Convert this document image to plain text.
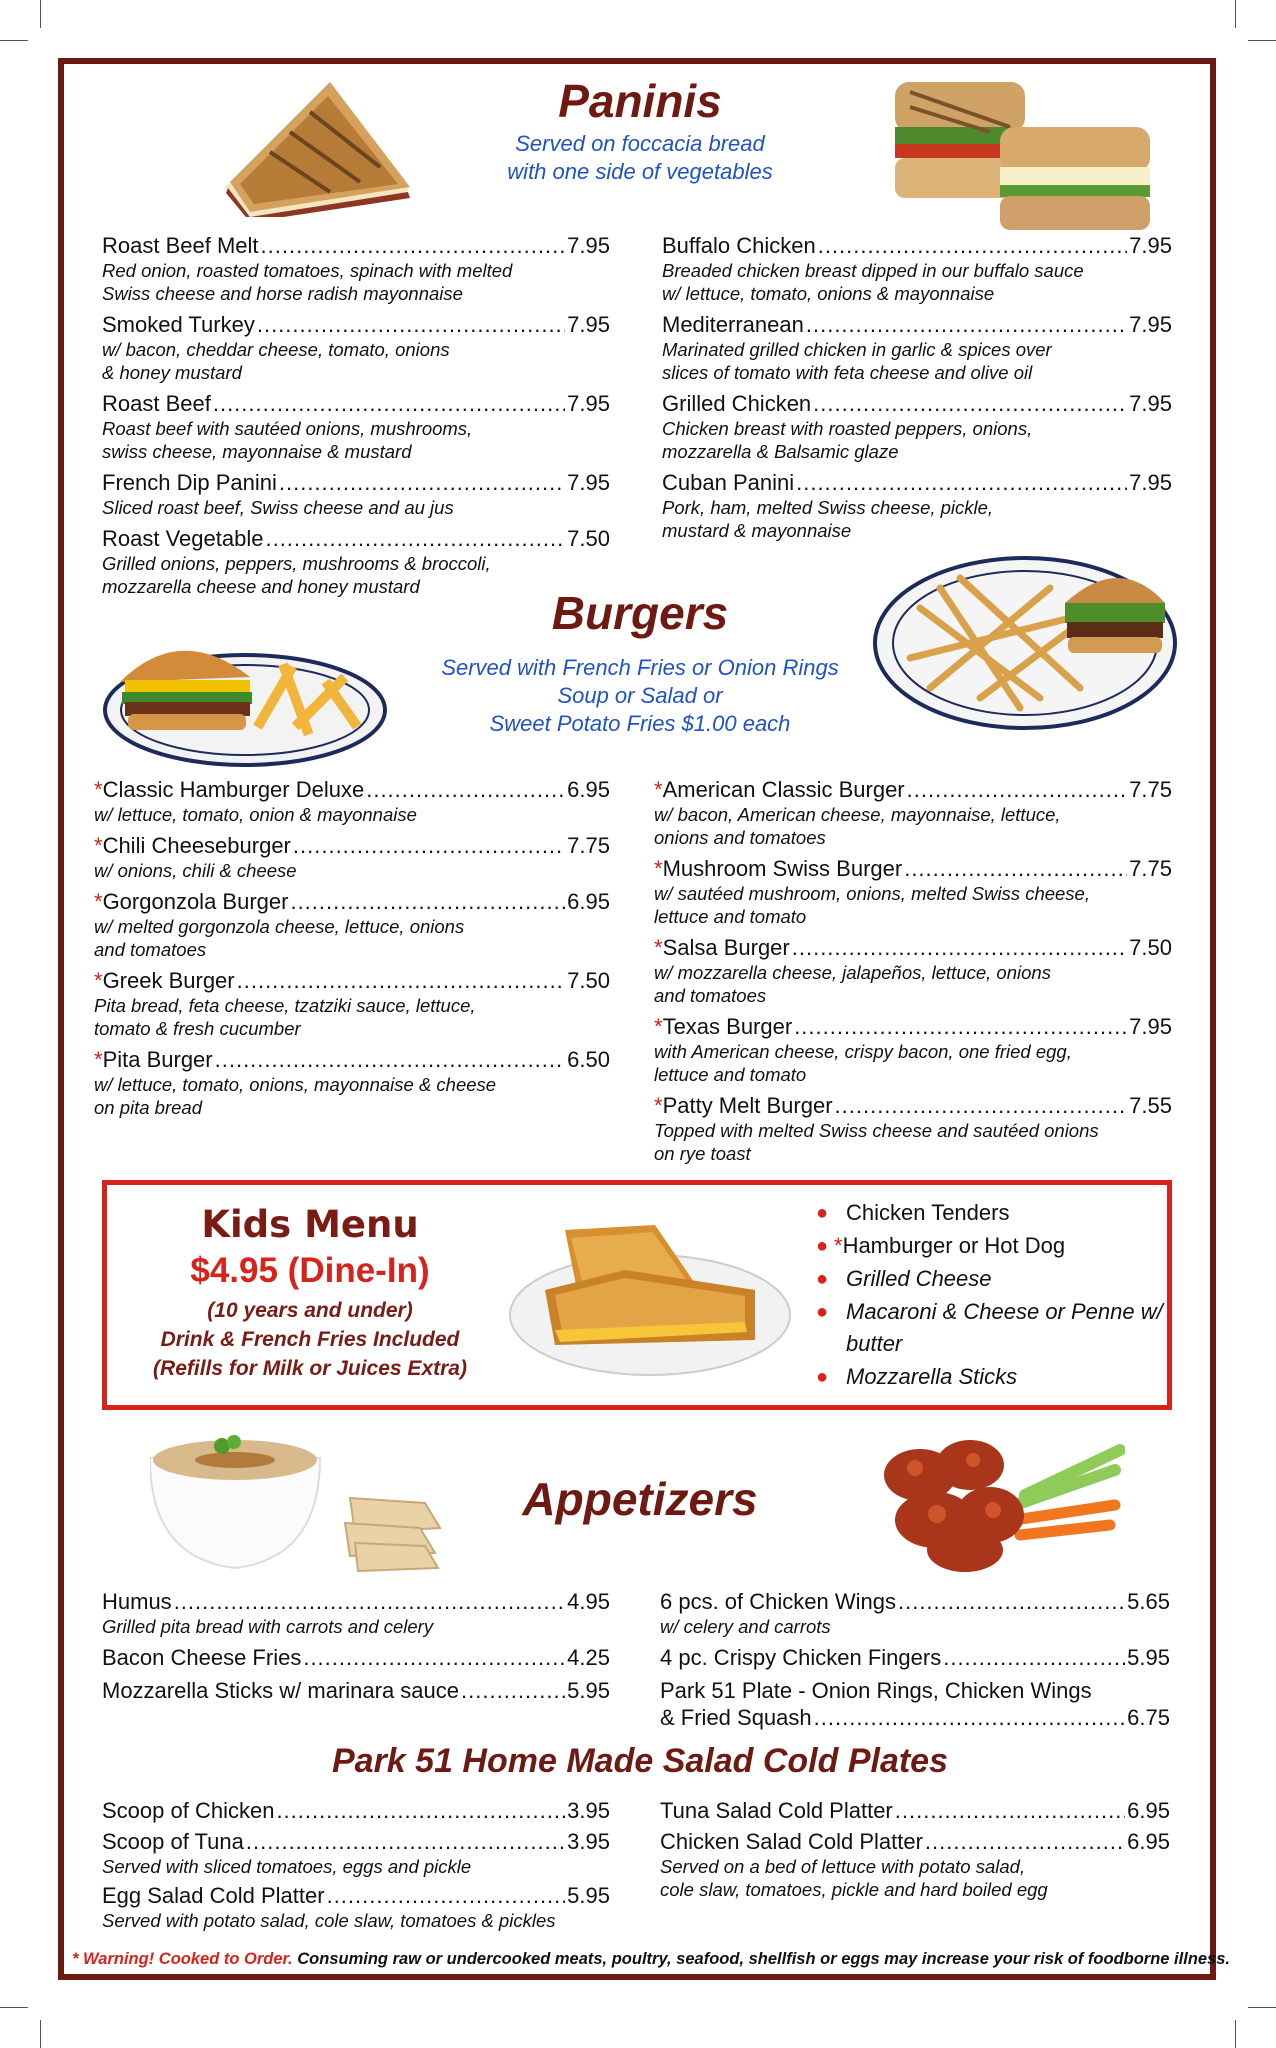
Paninis
Served on foccacia bread
with one side of vegetables
Roast Beef Melt .....	7.95
Red onion, roasted tomatoes, spinach with melted
Swiss cheese and horse radish mayonnaise
Smoked Turkey .....	7.95
w/ bacon, cheddar cheese, tomato, onions
& honey mustard
Roast Beef .....	7.95
Roast beef with sautéed onions, mushrooms,
swiss cheese, mayonnaise & mustard
French Dip Panini .....	7.95
Sliced roast beef, Swiss cheese and au jus
Roast Vegetable .....	7.50
Grilled onions, peppers, mushrooms & broccoli,
mozzarella cheese and honey mustard
Buffalo Chicken .....	7.95
Breaded chicken breast dipped in our buffalo sauce
w/ lettuce, tomato, onions & mayonnaise
Mediterranean .....	7.95
Marinated grilled chicken in garlic & spices over
slices of tomato with feta cheese and olive oil
Grilled Chicken .....	7.95
Chicken breast with roasted peppers, onions,
mozzarella & Balsamic glaze
Cuban Panini .....	7.95
Pork, ham, melted Swiss cheese, pickle,
mustard & mayonnaise
Burgers
Served with French Fries or Onion Rings
Soup or Salad or
Sweet Potato Fries $1.00 each
*Classic Hamburger Deluxe .....	6.95
w/ lettuce, tomato, onion & mayonnaise
*Chili Cheeseburger .....	7.75
w/ onions, chili & cheese
*Gorgonzola Burger .....	6.95
w/ melted gorgonzola cheese, lettuce, onions
and tomatoes
*Greek Burger .....	7.50
Pita bread, feta cheese, tzatziki sauce, lettuce,
tomato & fresh cucumber
*Pita Burger .....	6.50
w/ lettuce, tomato, onions, mayonnaise & cheese
on pita bread
*American Classic Burger .....	7.75
w/ bacon, American cheese, mayonnaise, lettuce,
onions and tomatoes
*Mushroom Swiss Burger .....	7.75
w/ sautéed mushroom, onions, melted Swiss cheese,
lettuce and tomato
*Salsa Burger .....	7.50
w/ mozzarella cheese, jalapeños, lettuce, onions
and tomatoes
*Texas Burger .....	7.95
with American cheese, crispy bacon, one fried egg,
lettuce and tomato
*Patty Melt Burger .....	7.55
Topped with melted Swiss cheese and sautéed onions
on rye toast
Kids Menu
$4.95 (Dine-In)
(10 years and under)
Drink & French Fries Included
(Refills for Milk or Juices Extra)
● Chicken Tenders
● *Hamburger or Hot Dog
● Grilled Cheese
● Macaroni & Cheese or Penne w/ butter
● Mozzarella Sticks
Appetizers
Humus .....	4.95
Grilled pita bread with carrots and celery
Bacon Cheese Fries .....	4.25
Mozzarella Sticks w/ marinara sauce .....	5.95
6 pcs. of Chicken Wings .....	5.65
w/ celery and carrots
4 pc. Crispy Chicken Fingers .....	5.95
Park 51 Plate - Onion Rings, Chicken Wings
& Fried Squash .....	6.75
Park 51 Home Made Salad Cold Plates
Scoop of Chicken .....	3.95
Scoop of Tuna .....	3.95
Served with sliced tomatoes, eggs and pickle
Egg Salad Cold Platter .....	5.95
Served with potato salad, cole slaw, tomatoes & pickles
Tuna Salad Cold Platter .....	6.95
Chicken Salad Cold Platter .....	6.95
Served on a bed of lettuce with potato salad,
cole slaw, tomatoes, pickle and hard boiled egg
* Warning! Cooked to Order. Consuming raw or undercooked meats, poultry, seafood, shellfish or eggs may increase your risk of foodborne illness.
